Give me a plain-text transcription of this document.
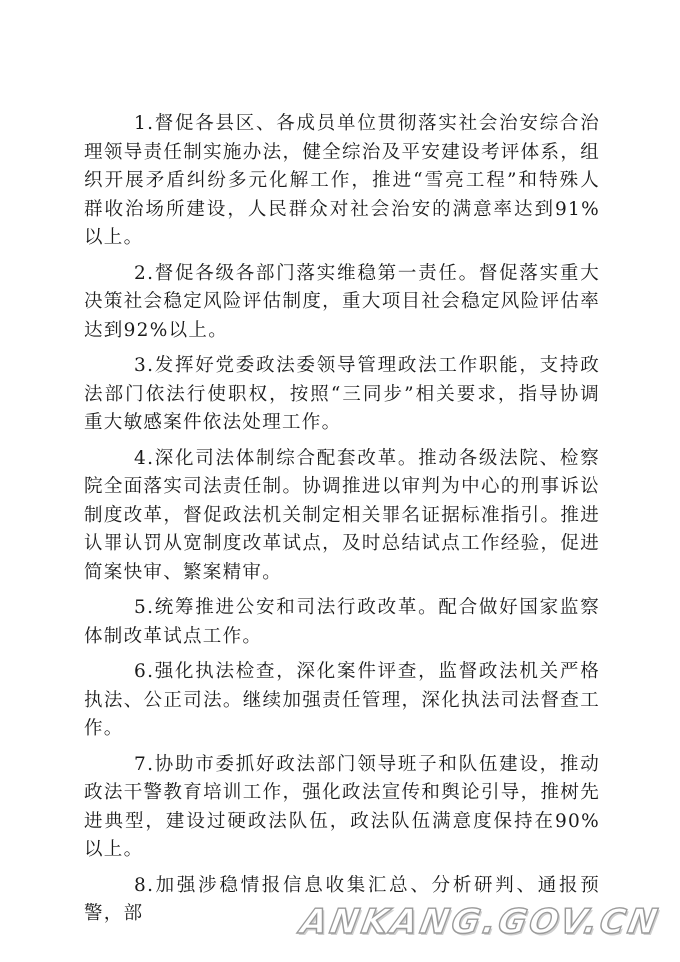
1.督促各县区、各成员单位贯彻落实社会治安综合治理领导责任制实施办法，健全综治及平安建设考评体系，组织开展矛盾纠纷多元化解工作，推进“雪亮工程”和特殊人群收治场所建设，人民群众对社会治安的满意率达到91%以上。

2.督促各级各部门落实维稳第一责任。督促落实重大决策社会稳定风险评估制度，重大项目社会稳定风险评估率达到92%以上。

3.发挥好党委政法委领导管理政法工作职能，支持政法部门依法行使职权，按照“三同步”相关要求，指导协调重大敏感案件依法处理工作。

4.深化司法体制综合配套改革。推动各级法院、检察院全面落实司法责任制。协调推进以审判为中心的刑事诉讼制度改革，督促政法机关制定相关罪名证据标准指引。推进认罪认罚从宽制度改革试点，及时总结试点工作经验，促进简案快审、繁案精审。

5.统筹推进公安和司法行政改革。配合做好国家监察体制改革试点工作。

6.强化执法检查，深化案件评查，监督政法机关严格执法、公正司法。继续加强责任管理，深化执法司法督查工作。

7.协助市委抓好政法部门领导班子和队伍建设，推动政法干警教育培训工作，强化政法宣传和舆论引导，推树先进典型，建设过硬政法队伍，政法队伍满意度保持在90%以上。

8.加强涉稳情报信息收集汇总、分析研判、通报预警，部	ANKANG.GOV.CN
